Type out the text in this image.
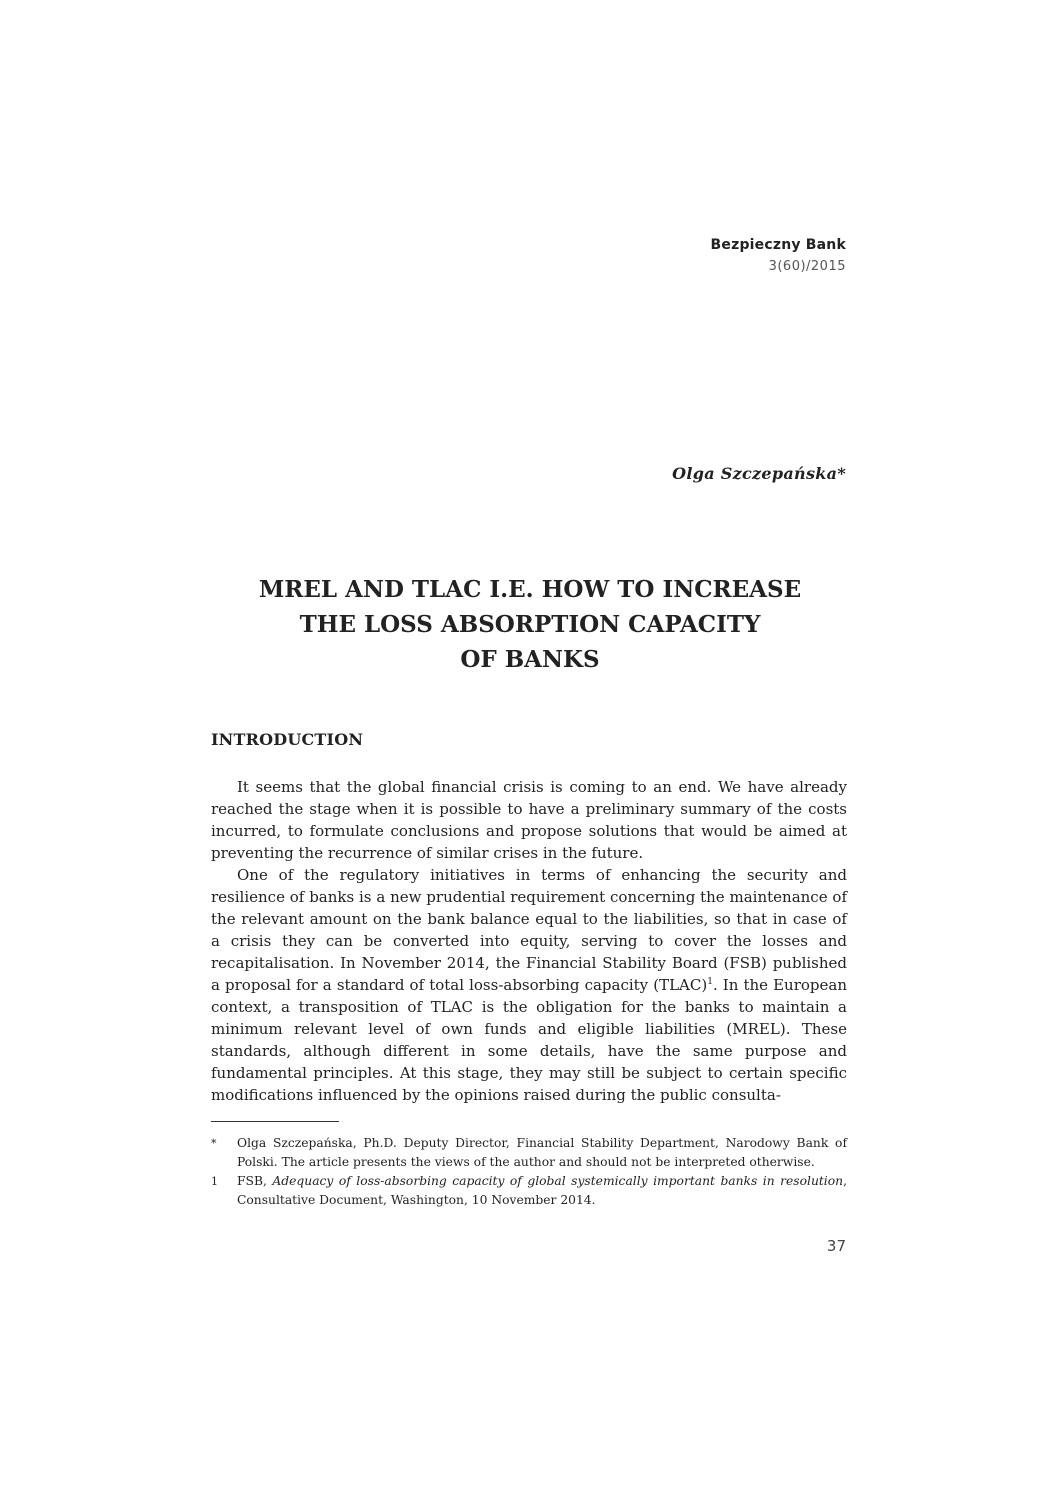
Bezpieczny Bank
3(60)/2015
Olga Szczepańska*
MREL AND TLAC I.E. HOW TO INCREASE
THE LOSS ABSORPTION CAPACITY
OF BANKS
INTRODUCTION

It seems that the global financial crisis is coming to an end. We have already reached the stage when it is possible to have a preliminary summary of the costs incurred, to formulate conclusions and propose solutions that would be aimed at preventing the recurrence of similar crises in the future.

One of the regulatory initiatives in terms of enhancing the security and resilience of banks is a new prudential requirement concerning the maintenance of the relevant amount on the bank balance equal to the liabilities, so that in case of a crisis they can be converted into equity, serving to cover the losses and recapitalisation. In November 2014, the Financial Stability Board (FSB) published a proposal for a standard of total loss-absorbing capacity (TLAC)$^1$. In the European context, a transposition of TLAC is the obligation for the banks to maintain a minimum relevant level of own funds and eligible liabilities (MREL). These standards, although different in some details, have the same purpose and fundamental principles. At this stage, they may still be subject to certain specific modifications influenced by the opinions raised during the public consulta-

* Olga Szczepańska, Ph.D. Deputy Director, Financial Stability Department, Narodowy Bank of Polski. The article presents the views of the author and should not be interpreted otherwise.
1 FSB, Adequacy of loss-absorbing capacity of global systemically important banks in resolution, Consultative Document, Washington, 10 November 2014.
37
